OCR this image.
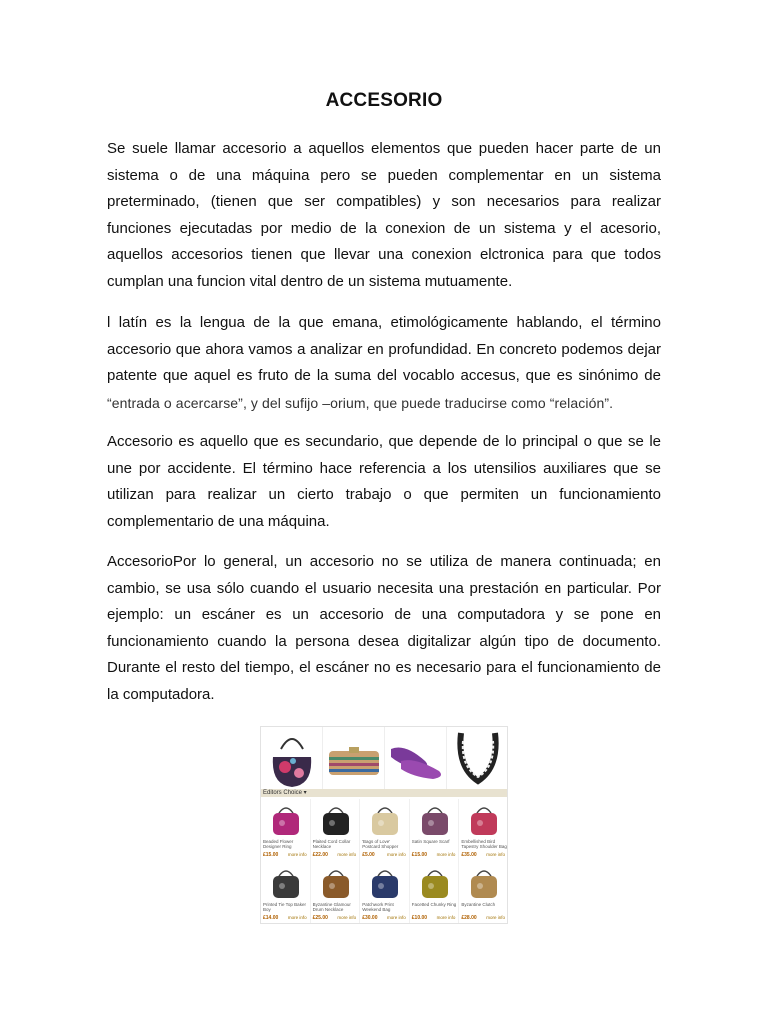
ACCESORIO

Se suele llamar accesorio a aquellos elementos que pueden hacer parte de un sistema o de una máquina pero se pueden complementar en un sistema preterminado, (tienen que ser compatibles) y son necesarios para realizar funciones ejecutadas por medio de la conexion de un sistema y el acesorio, aquellos accesorios tienen que llevar una conexion elctronica para que todos cumplan una funcion vital dentro de un sistema mutuamente.

l latín es la lengua de la que emana, etimológicamente hablando, el término accesorio que ahora vamos a analizar en profundidad. En concreto podemos dejar patente que aquel es fruto de la suma del vocablo accesus, que es sinónimo de “entrada o acercarse”, y del sufijo –orium, que puede traducirse como “relación”.

Accesorio es aquello que es secundario, que depende de lo principal o que se le une por accidente. El término hace referencia a los utensilios auxiliares que se utilizan para realizar un cierto trabajo o que permiten un funcionamiento complementario de una máquina.

AccesorioPor lo general, un accesorio no se utiliza de manera continuada; en cambio, se usa sólo cuando el usuario necesita una prestación en particular. Por ejemplo: un escáner es un accesorio de una computadora y se pone en funcionamiento cuando la persona desea digitalizar algún tipo de documento. Durante el resto del tiempo, el escáner no es necesario para el funcionamiento de la computadora.

Editors Choice ▾
Beaded Flower Designer Ring
£15.00 more info
Plaited Cord Collar Necklace
£22.00 more info
'Bags of Love' Postcard Shopper
£5.00	more info
Satin Square Scarf
£15.00 more info
Embellished Bird Tapestry Shoulder Bag
£35.00 more info
Printed Tie Top Baker Boy
£14.00 more info
Byzantine Glamour Drum Necklace
£25.00 more info
Patchwork Print Weekend Bag
£30.00 more info
Facetted Chunky Ring
£10.00 more info
Byzantine Clutch
£28.00 more info
